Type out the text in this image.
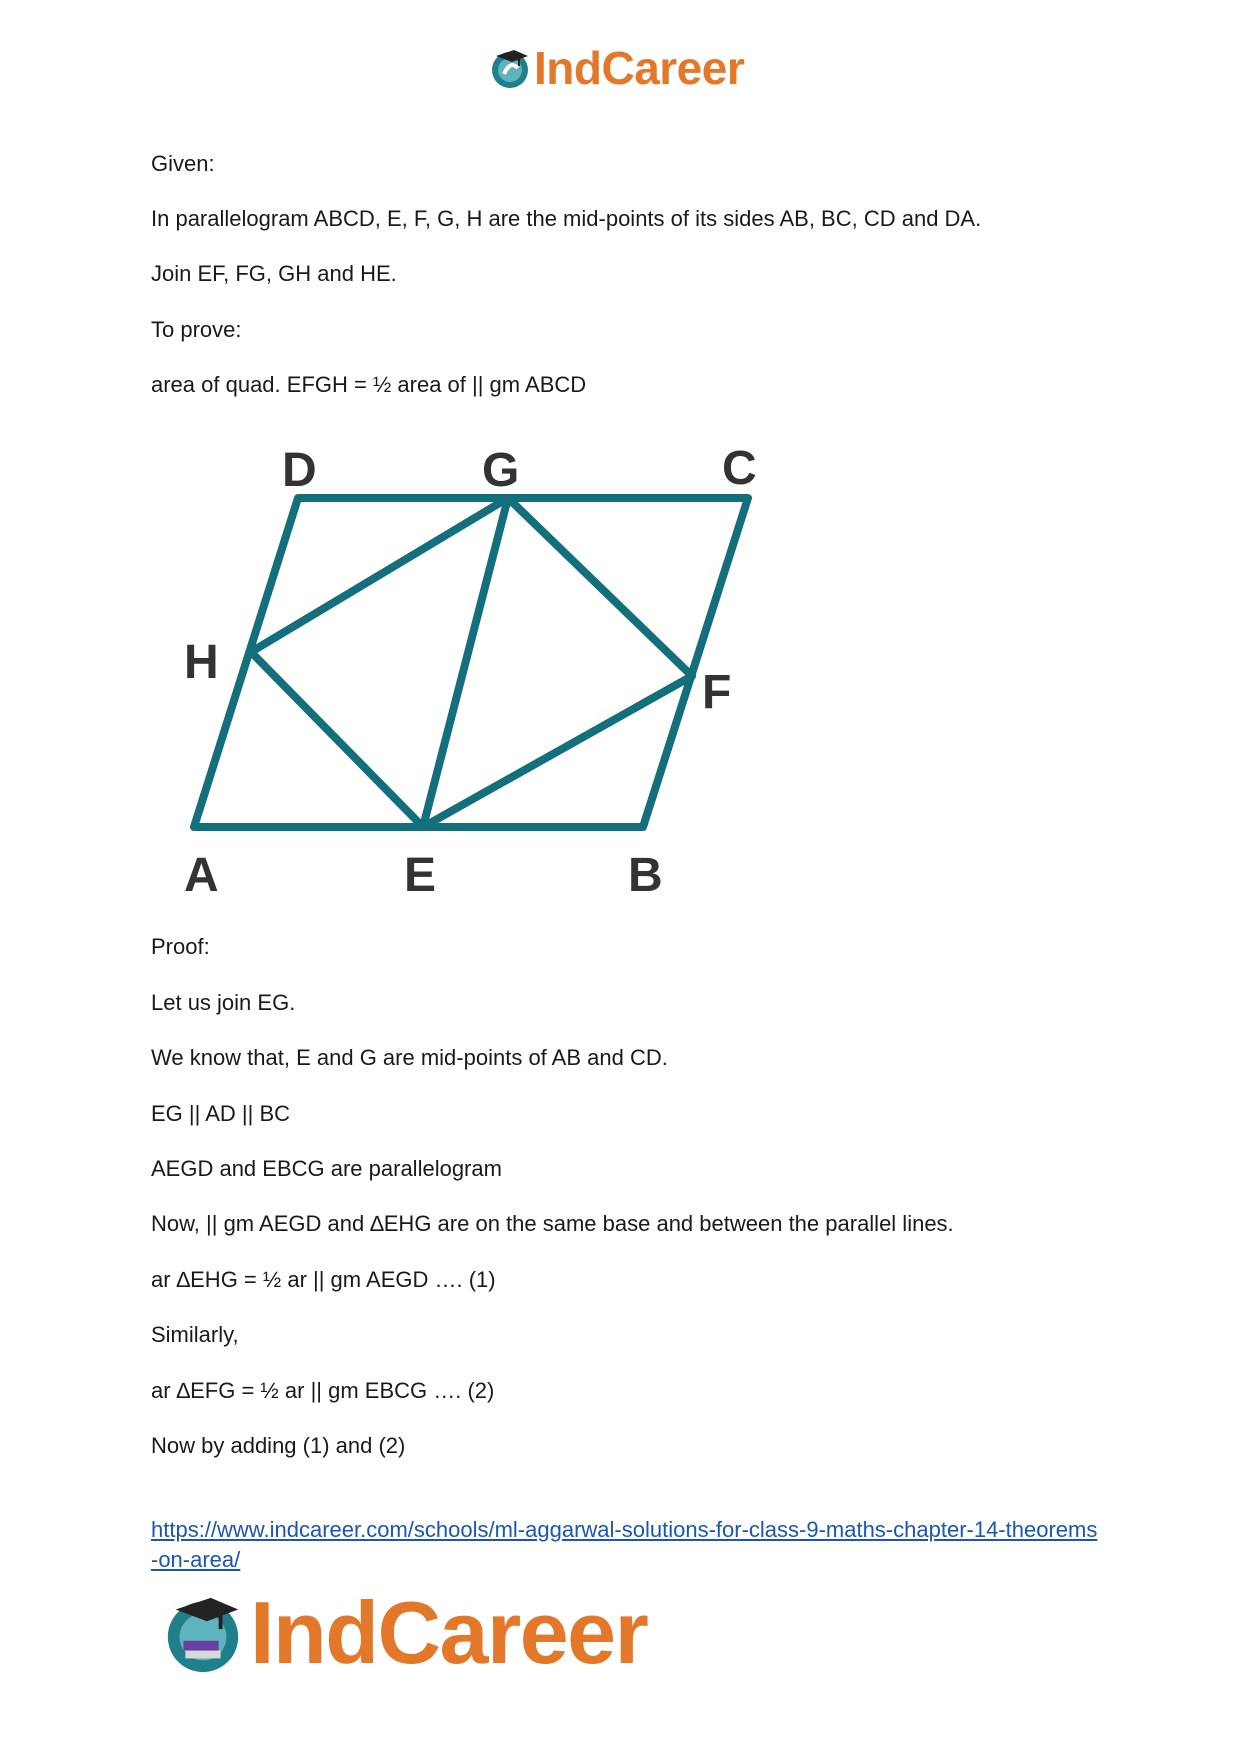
IndCareer
Given:
In parallelogram ABCD, E, F, G, H are the mid-points of its sides AB, BC, CD and DA.
Join EF, FG, GH and HE.
To prove:
area of quad. EFGH = ½ area of || gm ABCD
A	E	B
F
H
D	G	C
Proof:
Let us join EG.
We know that, E and G are mid-points of AB and CD.
EG || AD || BC
AEGD and EBCG are parallelogram
Now, || gm AEGD and ∆EHG are on the same base and between the parallel lines.
ar ∆EHG = ½ ar || gm AEGD …. (1)
Similarly,
ar ∆EFG = ½ ar || gm EBCG …. (2)
Now by adding (1) and (2)
https://www.indcareer.com/schools/ml-aggarwal-solutions-for-class-9-maths-chapter-14-theorems-on-area/
IndCareer
